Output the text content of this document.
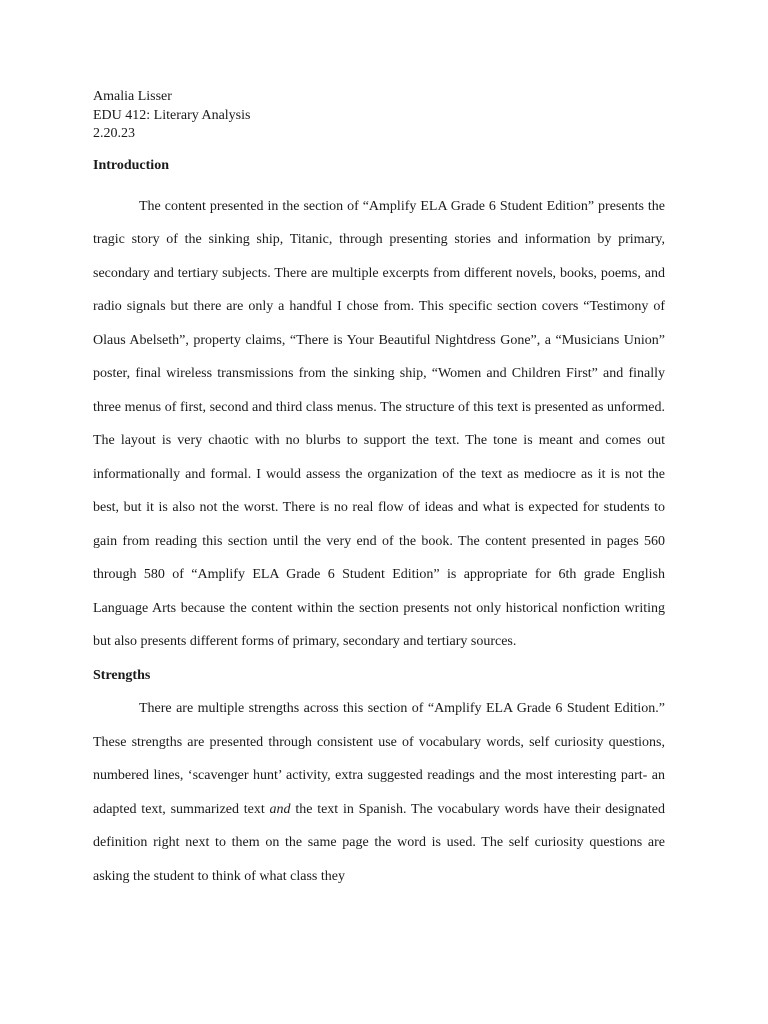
Amalia Lisser

EDU 412: Literary Analysis

2.20.23

Introduction

The content presented in the section of “Amplify ELA Grade 6 Student Edition” presents the tragic story of the sinking ship, Titanic, through presenting stories and information by primary, secondary and tertiary subjects. There are multiple excerpts from different novels, books, poems, and radio signals but there are only a handful I chose from. This specific section covers “Testimony of Olaus Abelseth”, property claims, “There is Your Beautiful Nightdress Gone”, a “Musicians Union” poster, final wireless transmissions from the sinking ship, “Women and Children First” and finally three menus of first, second and third class menus. The structure of this text is presented as unformed. The layout is very chaotic with no blurbs to support the text. The tone is meant and comes out informationally and formal. I would assess the organization of the text as mediocre as it is not the best, but it is also not the worst. There is no real flow of ideas and what is expected for students to gain from reading this section until the very end of the book. The content presented in pages 560 through 580 of “Amplify ELA Grade 6 Student Edition” is appropriate for 6th grade English Language Arts because the content within the section presents not only historical nonfiction writing but also presents different forms of primary, secondary and tertiary sources.

Strengths

There are multiple strengths across this section of “Amplify ELA Grade 6 Student Edition.” These strengths are presented through consistent use of vocabulary words, self curiosity questions, numbered lines, ‘scavenger hunt’ activity, extra suggested readings and the most interesting part- an adapted text, summarized text and the text in Spanish. The vocabulary words have their designated definition right next to them on the same page the word is used. The self curiosity questions are asking the student to think of what class they
